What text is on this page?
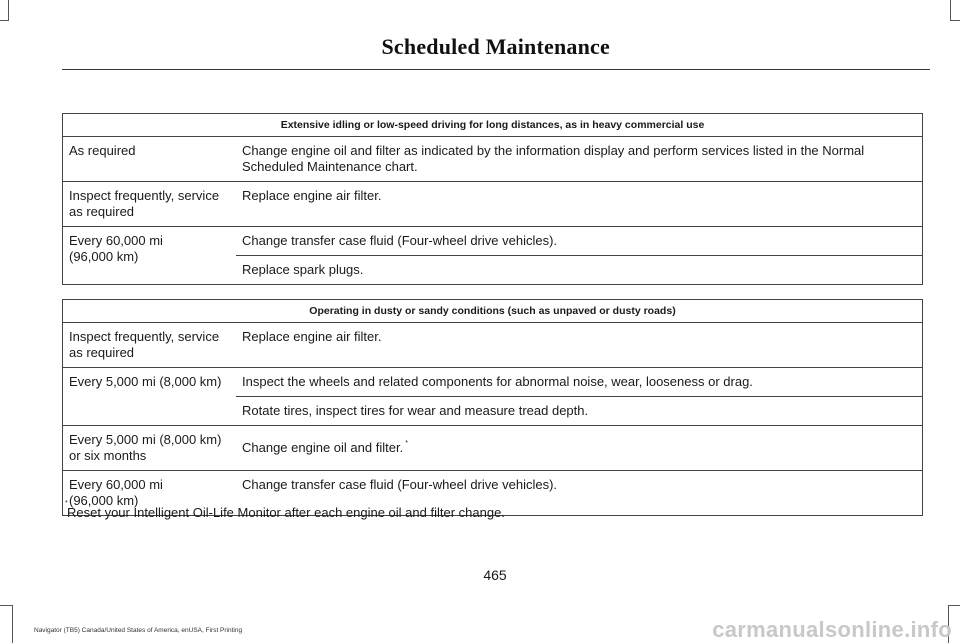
Scheduled Maintenance
Extensive idling or low-speed driving for long distances, as in heavy commercial use	
As required	Change engine oil and filter as indicated by the information display and perform services listed in the Normal Scheduled Maintenance chart.
Inspect frequently, service as required	Replace engine air filter.
Every 60,000 mi
(96,000 km)	Change transfer case fluid (Four-wheel drive vehicles).
	Replace spark plugs.
Operating in dusty or sandy conditions (such as unpaved or dusty roads)	
Inspect frequently, service as required	Replace engine air filter.
Every 5,000 mi (8,000 km)	Inspect the wheels and related components for abnormal noise, wear, looseness or drag.
	Rotate tires, inspect tires for wear and measure tread depth.
Every 5,000 mi (8,000 km) or six months	Change engine oil and filter. *
Every 60,000 mi
(96,000 km)	Change transfer case fluid (Four-wheel drive vehicles).
*
Reset your Intelligent Oil-Life Monitor after each engine oil and filter change.
465
Navigator (TB5) Canada/United States of America, enUSA, First Printing	carmanualsonline.info
